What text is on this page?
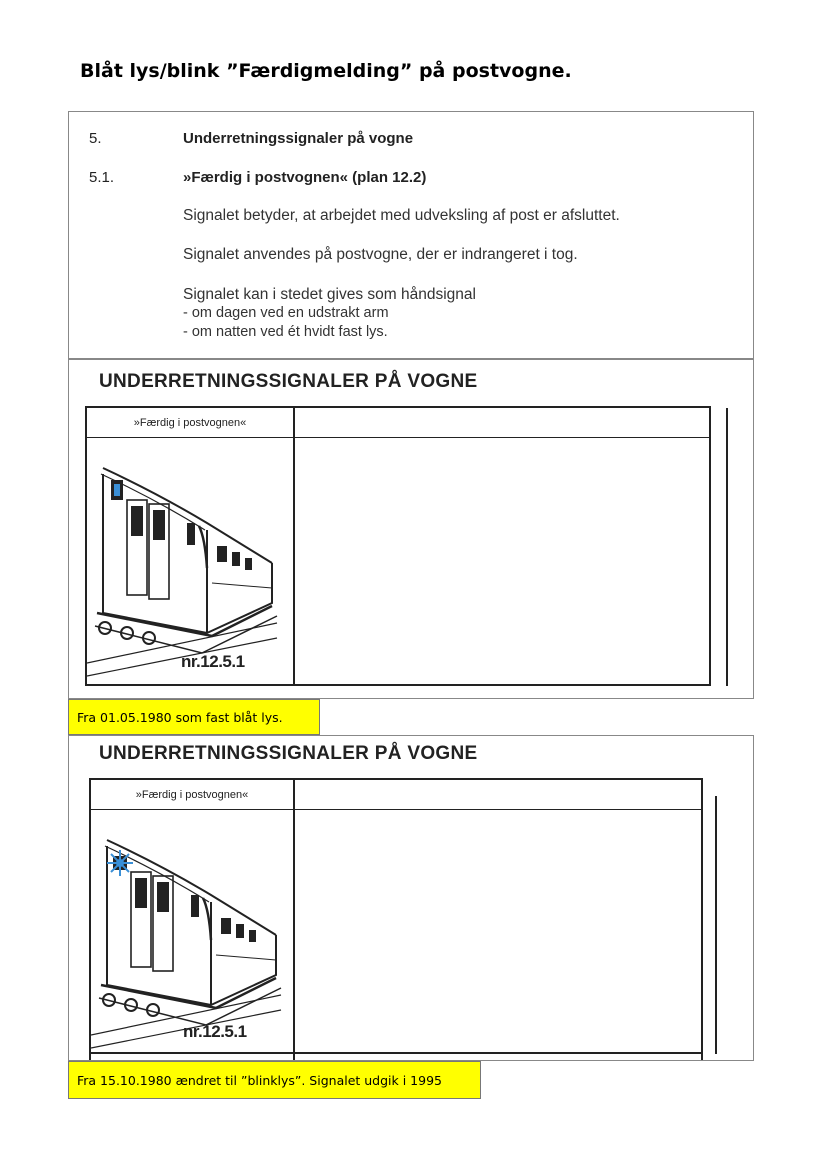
Blåt lys/blink ”Færdigmelding” på postvogne.
5.	Underretningssignaler på vogne
5.1.	»Færdig i postvognen« (plan 12.2)
Signalet betyder, at arbejdet med udveksling af post er afsluttet.
Signalet anvendes på postvogne, der er indrangeret i tog.
Signalet kan i stedet gives som håndsignal
- om dagen ved en udstrakt arm
- om natten ved ét hvidt fast lys.
UNDERRETNINGSSIGNALER PÅ VOGNE
»Færdig i postvognen«
nr.12.5.1
Fra 01.05.1980 som fast blåt lys.
UNDERRETNINGSSIGNALER PÅ VOGNE
»Færdig i postvognen«
nr.12.5.1
Fra 15.10.1980 ændret til ”blinklys”. Signalet udgik i 1995
